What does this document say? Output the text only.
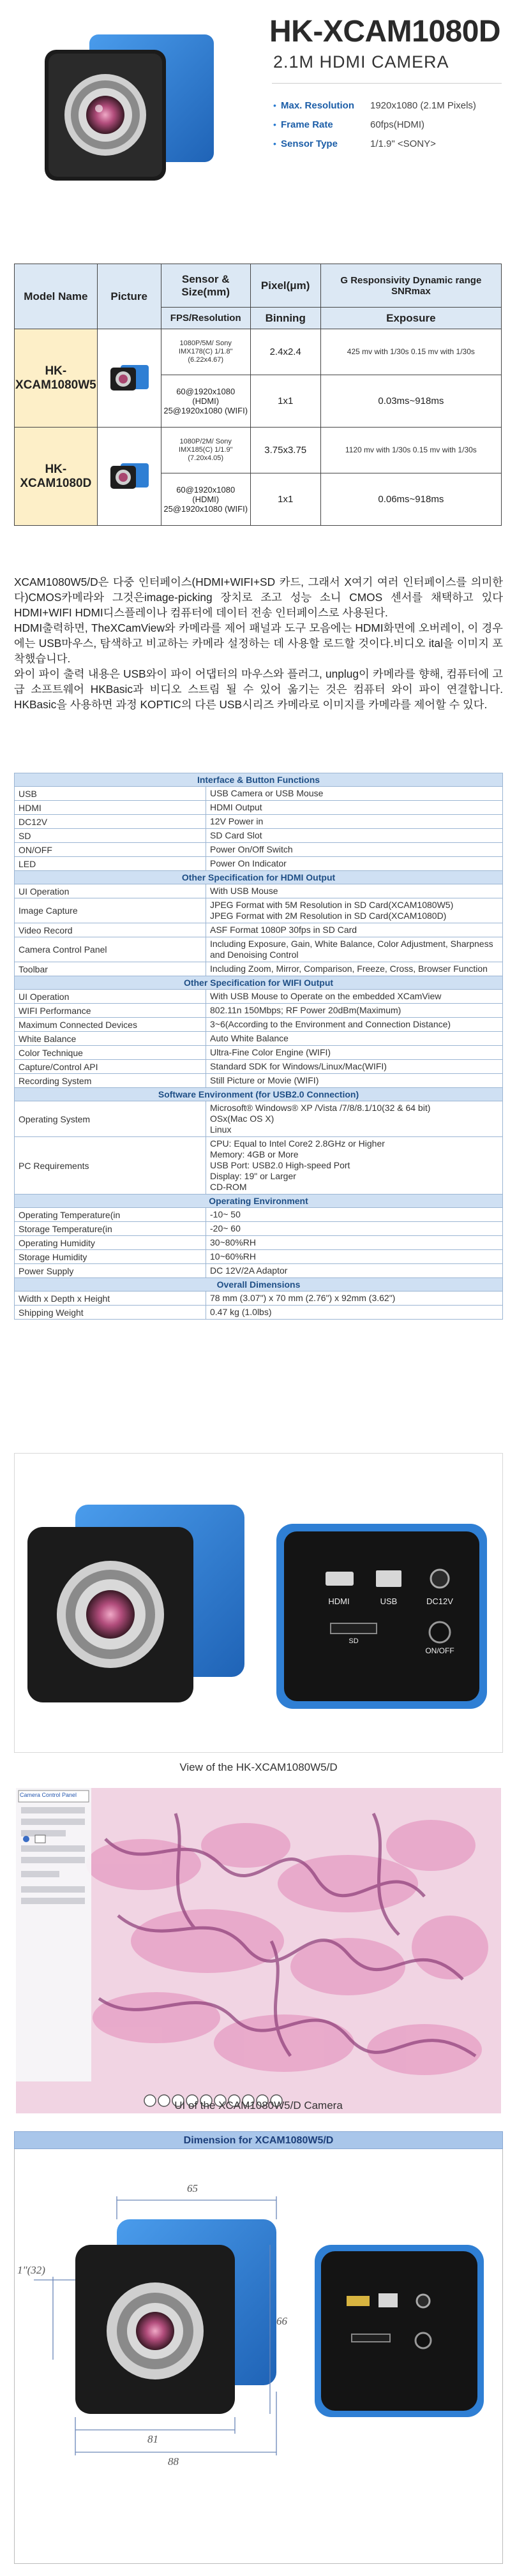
HK-XCAM1080D
2.1M HDMI CAMERA
• Max. Resolution	1920x1080 (2.1M Pixels)
• Frame Rate	60fps(HDMI)
• Sensor Type	1/1.9" <SONY>
Model Name	Picture	Sensor & Size(mm)	Pixel(μm)	G Responsivity Dynamic range SNRmax
		FPS/Resolution	Binning	Exposure
HK-XCAM1080W5		1080P/5M/ Sony IMX178(C) 1/1.8"(6.22x4.67)	2.4x2.4	425 mv with 1/30s 0.15 mv with 1/30s
		60@1920x1080 (HDMI) 25@1920x1080 (WIFI)	1x1	0.03ms~918ms
HK-XCAM1080D		1080P/2M/ Sony IMX185(C) 1/1.9"(7.20x4.05)	3.75x3.75	1120 mv with 1/30s 0.15 mv with 1/30s
		60@1920x1080 (HDMI) 25@1920x1080 (WIFI)	1x1	0.06ms~918ms

XCAM1080W5/D은 다중 인터페이스(HDMI+WIFI+SD 카드, 그래서 X여기 여러 인터페이스를 의미한다)CMOS카메라와 그것은image-picking 장치로 조고 성능 소니 CMOS 센서를 채택하고 있다 HDMI+WIFI HDMI디스플레이나 컴퓨터에 데이터 전송 인터페이스로 사용된다.

HDMI출력하면, TheXCamView와 카메라를 제어 패널과 도구 모음에는 HDMI화면에 오버레이, 이 경우에는 USB마우스, 탐색하고 비교하는 카메라 설정하는 데 사용할 로드할 것이다.비디오 ital을 이미지 포착했습니다.

와이 파이 출력 내용은 USB와이 파이 어댑터의 마우스와 플러그, unplug이 카메라를 향해, 컴퓨터에 고급 소프트웨어 HKBasic과 비디오 스트림 될 수 있어 옮기는 것은 컴퓨터 와이 파이 연결합니다. HKBasic을 사용하면 과정 KOPTIC의 다른 USB시리즈 카메라로 이미지를 카메라를 제어할 수 있다.

Interface & Button Functions	
USB	USB Camera or USB Mouse
HDMI	HDMI Output
DC12V	12V Power in
SD	SD Card Slot
ON/OFF	Power On/Off Switch
LED	Power On Indicator
Other Specification for HDMI Output	
UI Operation	With USB Mouse
Image Capture	JPEG Format with 5M Resolution in SD Card(XCAM1080W5)
JPEG Format with 2M Resolution in SD Card(XCAM1080D)
Video Record	ASF Format 1080P 30fps in SD Card
Camera Control Panel	Including Exposure, Gain, White Balance, Color Adjustment, Sharpness and Denoising Control
Toolbar	Including Zoom, Mirror, Comparison, Freeze, Cross, Browser Function
Other Specification for WIFI Output	
UI Operation	With USB Mouse to Operate on the embedded XCamView
WIFI Performance	802.11n 150Mbps; RF Power 20dBm(Maximum)
Maximum Connected Devices	3~6(According to the Environment and Connection Distance)
White Balance	Auto White Balance
Color Technique	Ultra-Fine Color Engine (WIFI)
Capture/Control API	Standard SDK for Windows/Linux/Mac(WIFI)
Recording System	Still Picture or Movie (WIFI)
Software Environment (for USB2.0 Connection)	
Operating System	Microsoft® Windows® XP /Vista /7/8/8.1/10(32 & 64 bit)
OSx(Mac OS X)
Linux
PC Requirements	CPU: Equal to Intel Core2 2.8GHz or Higher
Memory: 4GB or More
USB Port: USB2.0 High-speed Port
Display: 19" or Larger
CD-ROM
Operating Environment	
Operating Temperature(in	-10~ 50
Storage Temperature(in	-20~ 60
Operating Humidity	30~80%RH
Storage Humidity	10~60%RH
Power Supply	DC 12V/2A Adaptor
Overall Dimensions	
Width x Depth x Height	78 mm (3.07") x 70 mm (2.76") x 92mm (3.62")
Shipping Weight	0.47 kg (1.0lbs)
HDMI	USB	DC12V
SD
ON/OFF
View of the HK-XCAM1080W5/D
Camera Control Panel
UI of the XCAM1080W5/D Camera
Dimension for XCAM1080W5/D
65
1"(32)
66
81
88
